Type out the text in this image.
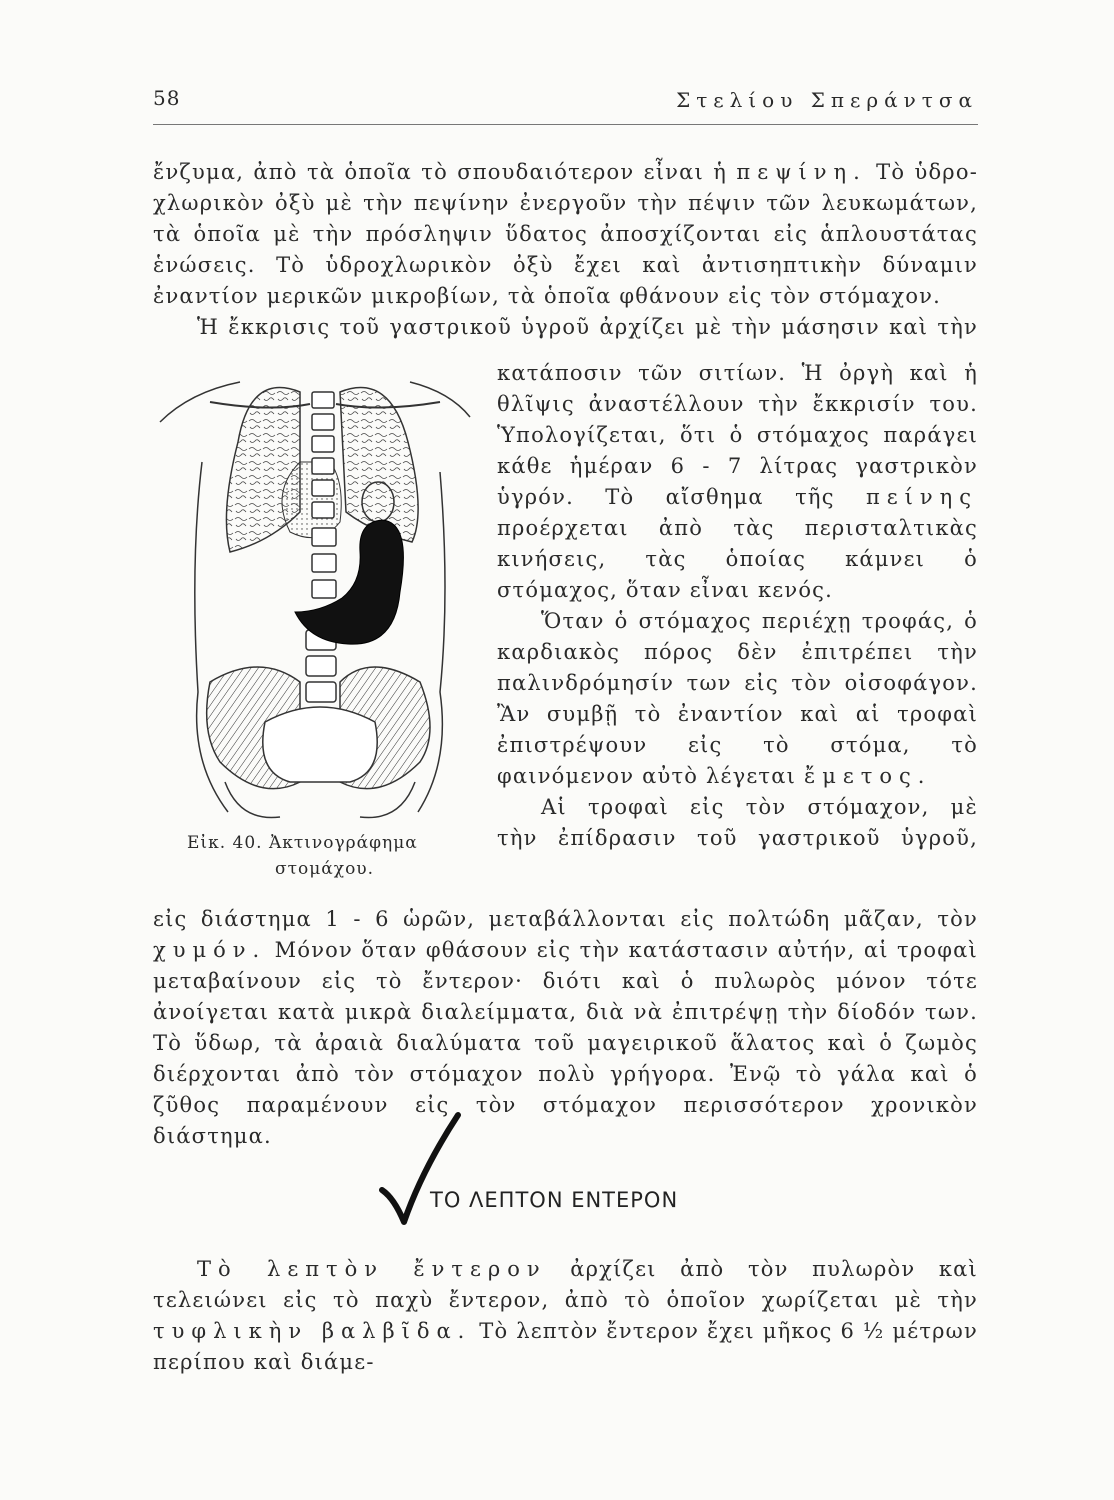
58	Στελίου Σπεράντσα

ἔνζυμα, ἀπὸ τὰ ὁποῖα τὸ σπουδαιότερον εἶναι ἡ πεψίνη. Τὸ ὑδρο-

χλωρικὸν ὀξὺ μὲ τὴν πεψίνην ἐνεργοῦν τὴν πέψιν τῶν λευκωμάτων, τὰ ὁποῖα μὲ τὴν πρόσληψιν ὕδατος ἀποσχίζονται εἰς ἁπλουστάτας ἑνώσεις. Τὸ ὑδροχλωρικὸν ὀξὺ ἔχει καὶ ἀντισηπτικὴν δύναμιν ἐναντίον μερικῶν μικροβίων, τὰ ὁποῖα φθάνουν εἰς τὸν στόμαχον.

Ἡ ἔκκρισις τοῦ γαστρικοῦ ὑγροῦ ἀρχίζει μὲ τὴν μάσησιν καὶ τὴν

Εἰκ. 40. Ἀκτινογράφημα
στομάχου.

κατάποσιν τῶν σιτίων. Ἡ ὀργὴ καὶ ἡ θλῖψις ἀναστέλλουν τὴν ἔκκρισίν του. Ὑπολογίζεται, ὅτι ὁ στόμαχος παράγει κάθε ἡμέραν 6 - 7 λίτρας γαστρικὸν ὑγρόν. Τὸ αἴσθημα τῆς πείνης προέρχεται ἀπὸ τὰς περισταλτικὰς κινήσεις, τὰς ὁποίας κάμνει ὁ στόμαχος, ὅταν εἶναι κενός.

Ὅταν ὁ στόμαχος περιέχῃ τροφάς, ὁ καρδιακὸς πόρος δὲν ἐπιτρέπει τὴν παλινδρόμησίν των εἰς τὸν οἰσοφάγον. Ἂν συμβῇ τὸ ἐναντίον καὶ αἱ τροφαὶ ἐπιστρέψουν εἰς τὸ στόμα, τὸ φαινόμενον αὐτὸ λέγεται ἔμετος.

Αἱ τροφαὶ εἰς τὸν στόμαχον, μὲ

τὴν ἐπίδρασιν τοῦ γαστρικοῦ ὑγροῦ,

εἰς διάστημα 1 - 6 ὡρῶν, μεταβάλλονται εἰς πολτώδη μᾶζαν, τὸν χυμόν. Μόνον ὅταν φθάσουν εἰς τὴν κατάστασιν αὐτήν, αἱ τροφαὶ μεταβαίνουν εἰς τὸ ἔντερον· διότι καὶ ὁ πυλωρὸς μόνον τότε ἀνοίγεται κατὰ μικρὰ διαλείμματα, διὰ νὰ ἐπιτρέψῃ τὴν δίοδόν των. Τὸ ὕδωρ, τὰ ἀραιὰ διαλύματα τοῦ μαγειρικοῦ ἅλατος καὶ ὁ ζωμὸς διέρχονται ἀπὸ τὸν στόμαχον πολὺ γρήγορα. Ἐνῷ τὸ γάλα καὶ ὁ ζῦθος παραμένουν εἰς τὸν στόμαχον περισσότερον χρονικὸν διάστημα.

ΤΟ ΛΕΠΤΟΝ ΕΝΤΕΡΟΝ

Τὸ λεπτὸν ἔντερον ἀρχίζει ἀπὸ τὸν πυλωρὸν καὶ τελειώνει εἰς τὸ παχὺ ἔντερον, ἀπὸ τὸ ὁποῖον χωρίζεται μὲ τὴν τυφλικὴν βαλβῖδα. Τὸ λεπτὸν ἔντερον ἔχει μῆκος 6 ½ μέτρων περίπου καὶ διάμε-
